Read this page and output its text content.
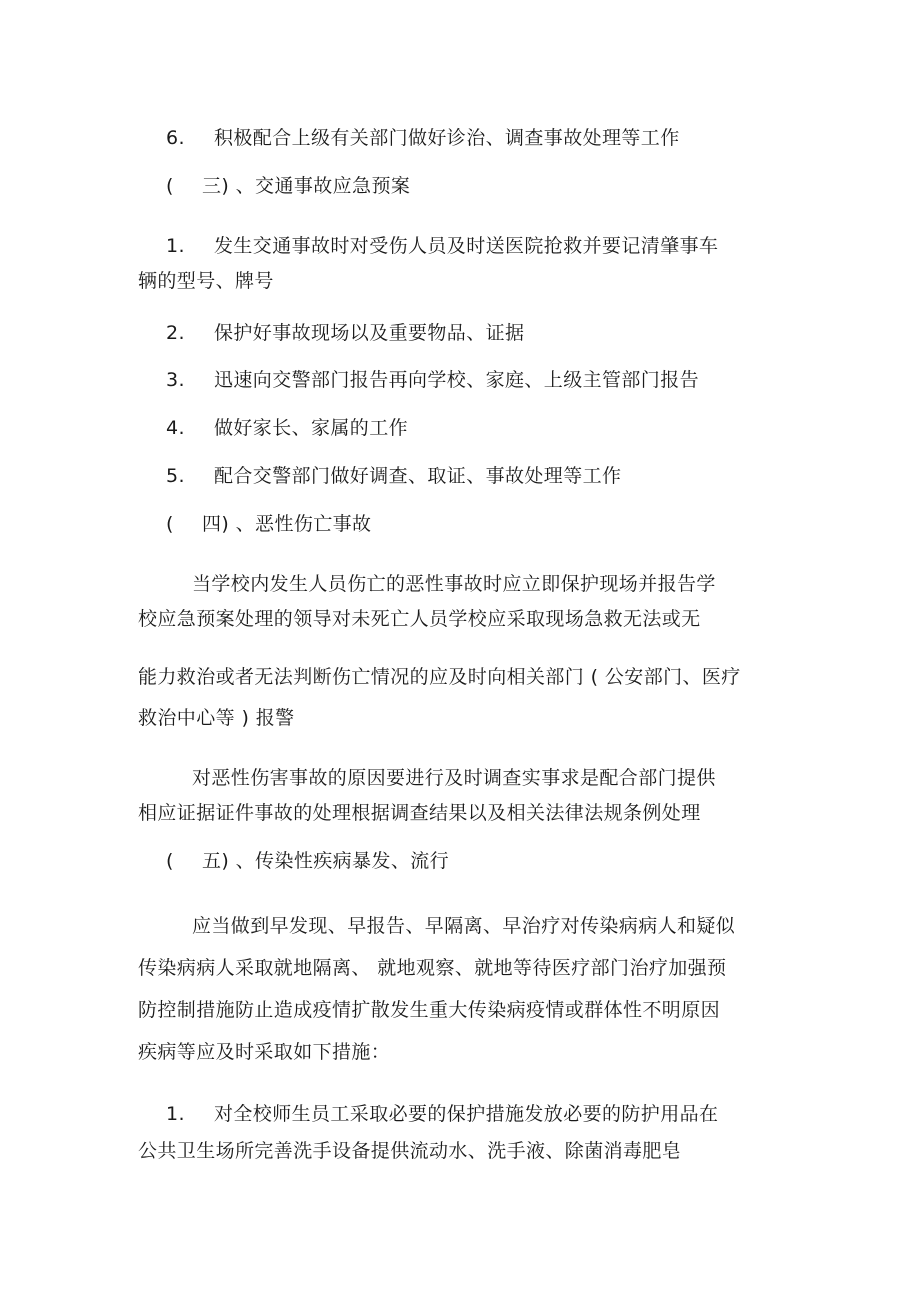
6. 积极配合上级有关部门做好诊治、调查事故处理等工作
( 三) 、交通事故应急预案
1. 发生交通事故时对受伤人员及时送医院抢救并要记清肇事车
辆的型号、牌号
2. 保护好事故现场以及重要物品、证据
3. 迅速向交警部门报告再向学校、家庭、上级主管部门报告
4. 做好家长、家属的工作
5. 配合交警部门做好调查、取证、事故处理等工作
( 四) 、恶性伤亡事故
当学校内发生人员伤亡的恶性事故时应立即保护现场并报告学
校应急预案处理的领导对未死亡人员学校应采取现场急救无法或无
能力救治或者无法判断伤亡情况的应及时向相关部门 ( 公安部门、医疗
救治中心等 ) 报警
对恶性伤害事故的原因要进行及时调查实事求是配合部门提供
相应证据证件事故的处理根据调查结果以及相关法律法规条例处理
( 五) 、传染性疾病暴发、流行
应当做到早发现、早报告、早隔离、早治疗对传染病病人和疑似
传染病病人采取就地隔离、 就地观察、就地等待医疗部门治疗加强预
防控制措施防止造成疫情扩散发生重大传染病疫情或群体性不明原因
疾病等应及时采取如下措施：
1. 对全校师生员工采取必要的保护措施发放必要的防护用品在
公共卫生场所完善洗手设备提供流动水、洗手液、除菌消毒肥皂
